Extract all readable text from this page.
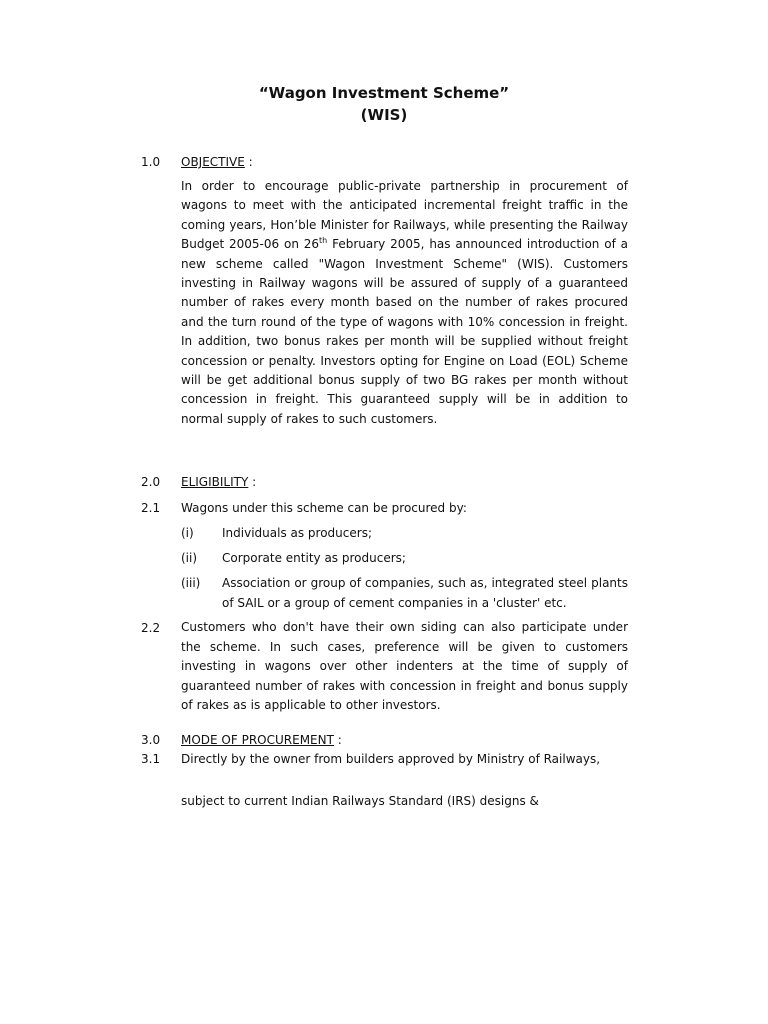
“Wagon Investment Scheme”
(WIS)
1.0 OBJECTIVE :
In order to encourage public-private partnership in procurement of wagons to meet with the anticipated incremental freight traffic in the coming years, Hon’ble Minister for Railways, while presenting the Railway Budget 2005-06 on 26th February 2005, has announced introduction of a new scheme called "Wagon Investment Scheme" (WIS). Customers investing in Railway wagons will be assured of supply of a guaranteed number of rakes every month based on the number of rakes procured and the turn round of the type of wagons with 10% concession in freight. In addition, two bonus rakes per month will be supplied without freight concession or penalty. Investors opting for Engine on Load (EOL) Scheme will be get additional bonus supply of two BG rakes per month without concession in freight. This guaranteed supply will be in addition to normal supply of rakes to such customers.
2.0 ELIGIBILITY :
2.1 Wagons under this scheme can be procured by:
(i) Individuals as producers;
(ii) Corporate entity as producers;
(iii) Association or group of companies, such as, integrated steel plants of SAIL or a group of cement companies in a 'cluster' etc.
2.2 Customers who don't have their own siding can also participate under the scheme. In such cases, preference will be given to customers investing in wagons over other indenters at the time of supply of guaranteed number of rakes with concession in freight and bonus supply of rakes as is applicable to other investors.
3.0 MODE OF PROCUREMENT :
3.1 Directly by the owner from builders approved by Ministry of Railways,
subject to current Indian Railways Standard (IRS) designs &
